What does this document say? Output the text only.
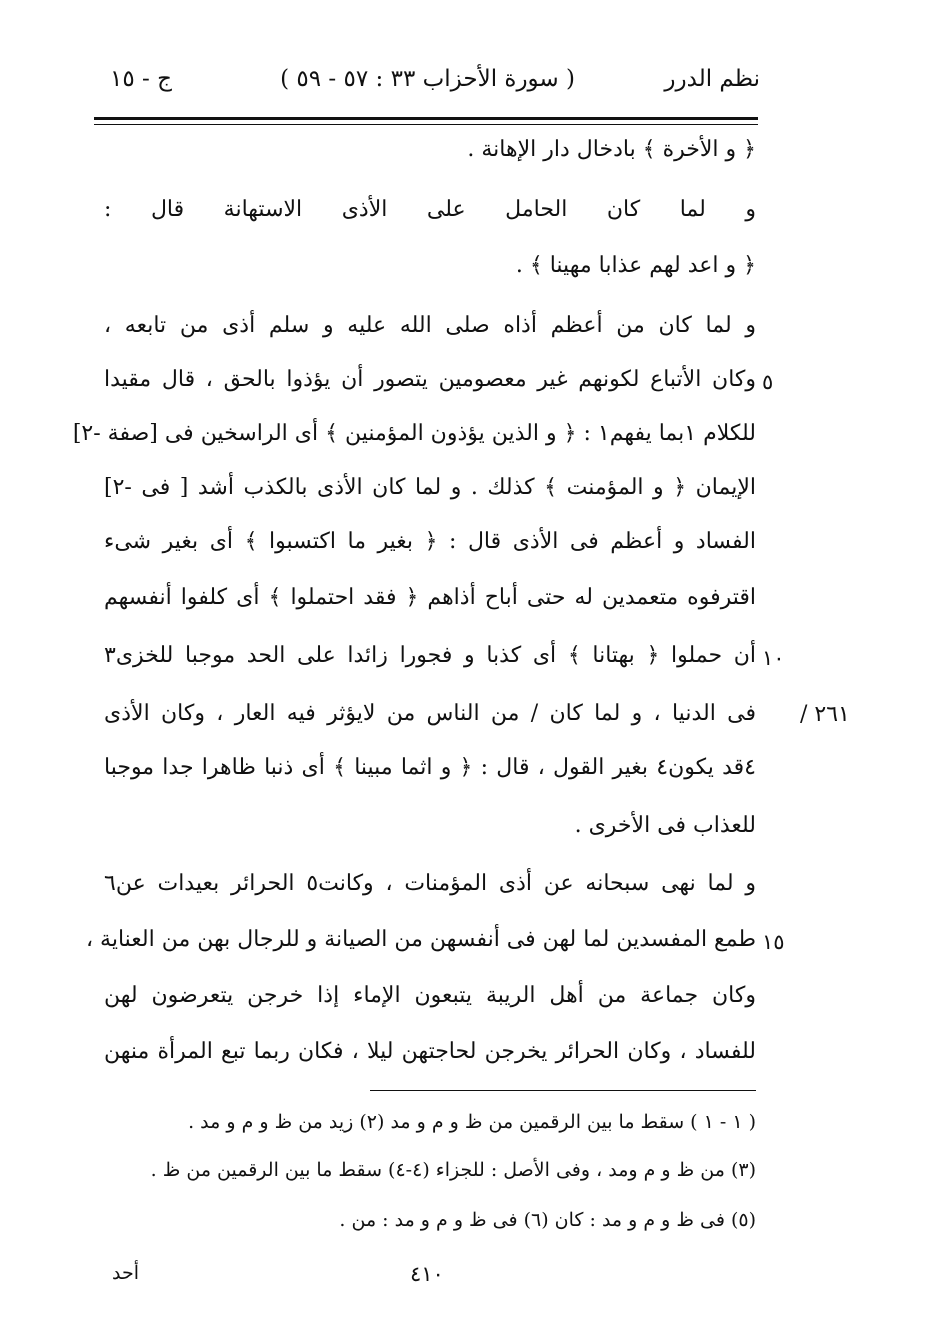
نظم الدرر
( سورة الأحزاب ٣٣ : ٥٧ - ٥٩ )
ج - ١٥
﴿ و الأخرة ﴾ بادخال دار الإهانة .
و لما كان الحامل على الأذى الاستهانة قال :
﴿ و اعد لهم عذابا مهينا ﴾ .
و لما كان من أعظم أذاه صلى الله عليه و سلم أذى من تابعه ،
وكان الأتباع لكونهم غير معصومين يتصور أن يؤذوا بالحق ، قال مقيدا
للكلام ١بما يفهم١ : ﴿ و الذين يؤذون المؤمنين ﴾ أى الراسخين فى [صفة -٢]
الإيمان ﴿ و المؤمنت ﴾ كذلك . و لما كان الأذى بالكذب أشد [ فى -٢]
الفساد و أعظم فى الأذى قال : ﴿ بغير ما اكتسبوا ﴾ أى بغير شىء
اقترفوه متعمدين له حتى أباح أذاهم ﴿ فقد احتملوا ﴾ أى كلفوا أنفسهم
أن حملوا ﴿ بهتانا ﴾ أى كذبا و فجورا زائدا على الحد موجبا للخزى٣
فى الدنيا ، و لما كان / من الناس من لايؤثر فيه العار ، وكان الأذى
٤قد يكون٤ بغير القول ، قال : ﴿ و اثما مبينا ﴾ أى ذنبا ظاهرا جدا موجبا
للعذاب فى الأخرى .
و لما نهى سبحانه عن أذى المؤمنات ، وكانت٥ الحرائر بعيدات عن٦
طمع المفسدين لما لهن فى أنفسهن من الصيانة و للرجال بهن من العناية ،
وكان جماعة من أهل الريبة يتبعون الإماء إذا خرجن يتعرضون لهن
للفساد ، وكان الحرائر يخرجن لحاجتهن ليلا ، فكان ربما تبع المرأة منهن
٥
١٠
١٥
٢٦١ /
( ١ - ١ ) سقط ما بين الرقمين من ظ و م و مد (٢) زيد من ظ و م و مد .
(٣) من ظ و م ومد ، وفى الأصل : للجزاء (٤-٤) سقط ما بين الرقمين من ظ .
(٥) فى ظ و م و مد : كان (٦) فى ظ و م و مد : من .
أحد	٤١٠
